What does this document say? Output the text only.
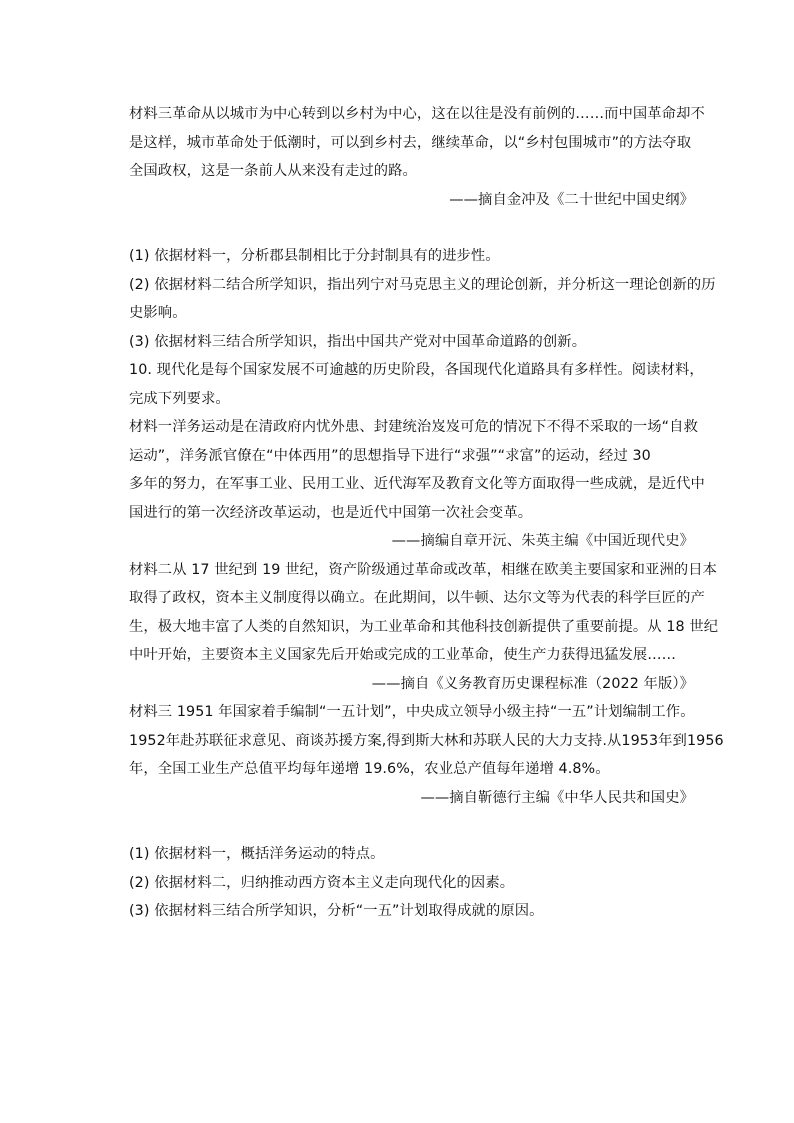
材料三革命从以城市为中心转到以乡村为中心，这在以往是没有前例的……而中国革命却不
是这样，城市革命处于低潮时，可以到乡村去，继续革命，以“乡村包围城市”的方法夺取
全国政权，这是一条前人从来没有走过的路。
——摘自金冲及《二十世纪中国史纲》
(1) 依据材料一，分析郡县制相比于分封制具有的进步性。
(2) 依据材料二结合所学知识，指出列宁对马克思主义的理论创新，并分析这一理论创新的历
史影响。
(3) 依据材料三结合所学知识，指出中国共产党对中国革命道路的创新。
10. 现代化是每个国家发展不可逾越的历史阶段，各国现代化道路具有多样性。阅读材料，
完成下列要求。
材料一洋务运动是在清政府内忧外患、封建统治岌岌可危的情况下不得不采取的一场“自救
运动”，洋务派官僚在“中体西用”的思想指导下进行“求强”“求富”的运动，经过 30
多年的努力，在军事工业、民用工业、近代海军及教育文化等方面取得一些成就，是近代中
国进行的第一次经济改革运动，也是近代中国第一次社会变革。
——摘编自章开沅、朱英主编《中国近现代史》
材料二从 17 世纪到 19 世纪，资产阶级通过革命或改革，相继在欧美主要国家和亚洲的日本
取得了政权，资本主义制度得以确立。在此期间，以牛顿、达尔文等为代表的科学巨匠的产
生，极大地丰富了人类的自然知识，为工业革命和其他科技创新提供了重要前提。从 18 世纪
中叶开始，主要资本主义国家先后开始或完成的工业革命，使生产力获得迅猛发展……
——摘自《义务教育历史课程标准（2022 年版）》
材料三 1951 年国家着手编制“一五计划”，中央成立领导小级主持“一五”计划编制工作。
1952年赴苏联征求意见、商谈苏援方案,得到斯大林和苏联人民的大力支持.从1953年到1956
年，全国工业生产总值平均每年递增 19.6%，农业总产值每年递增 4.8%。
——摘自靳德行主编《中华人民共和国史》
(1) 依据材料一，概括洋务运动的特点。
(2) 依据材料二，归纳推动西方资本主义走向现代化的因素。
(3) 依据材料三结合所学知识，分析“一五”计划取得成就的原因。
